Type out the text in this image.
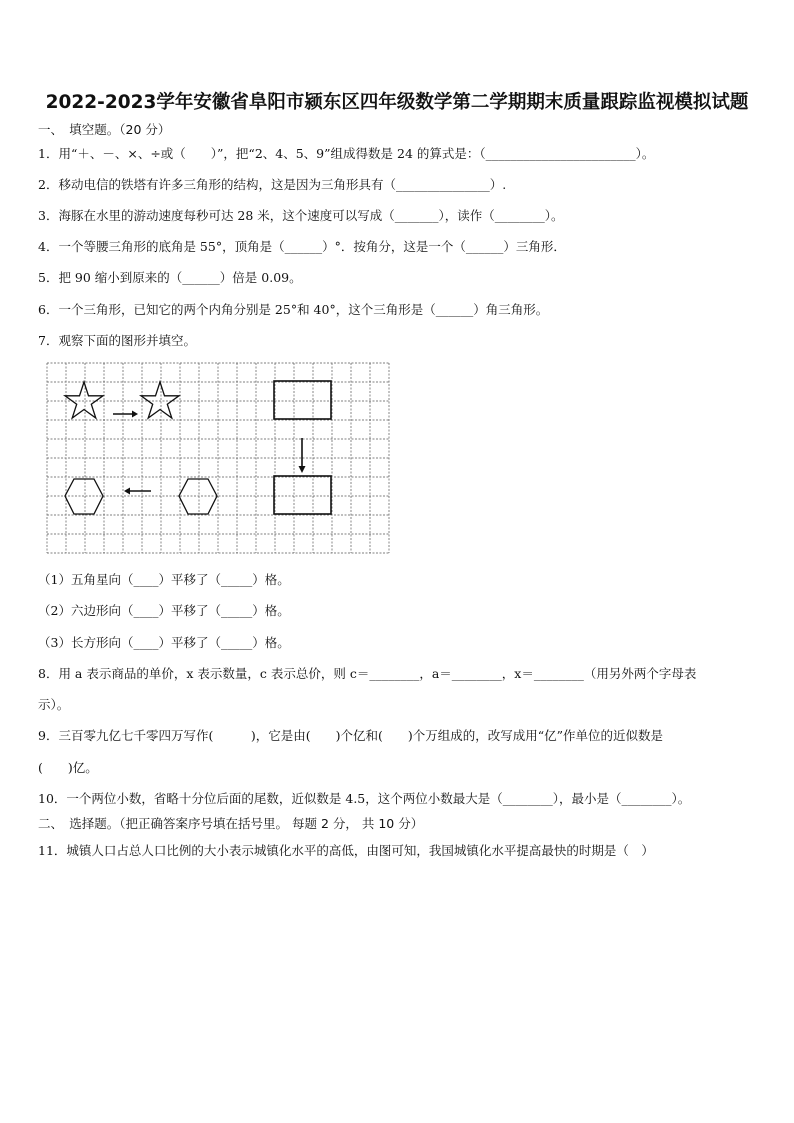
2022-2023学年安徽省阜阳市颍东区四年级数学第二学期期末质量跟踪监视模拟试题
一、　填空题。（20 分）
1．用“＋、－、×、÷或（　　）”，把“2、4、5、9”组成得数是 24 的算式是：（________________________）。
2．移动电信的铁塔有许多三角形的结构，这是因为三角形具有（_______________）.
3．海豚在水里的游动速度每秒可达 28 米，这个速度可以写成（_______），读作（________）。
4．一个等腰三角形的底角是 55°，顶角是（______）°．按角分，这是一个（______）三角形．
5．把 90 缩小到原来的（______）倍是 0.09。
6．一个三角形，已知它的两个内角分别是 25°和 40°，这个三角形是（______）角三角形。
7．观察下面的图形并填空。
（1）五角星向（____）平移了（_____）格。
（2）六边形向（____）平移了（_____）格。
（3）长方形向（____）平移了（_____）格。
8．用 a 表示商品的单价，x 表示数量，c 表示总价，则 c＝________，a＝________，x＝________（用另外两个字母表
示）。
9．三百零九亿七千零四万写作(　　　)，它是由(　　)个亿和(　　)个万组成的，改写成用“亿”作单位的近似数是
(　　)亿。
10．一个两位小数，省略十分位后面的尾数，近似数是 4.5，这个两位小数最大是（________），最小是（________）。
二、　选择题。（把正确答案序号填在括号里。 每题 2 分， 共 10 分）
11．城镇人口占总人口比例的大小表示城镇化水平的高低，由图可知，我国城镇化水平提高最快的时期是（　）
